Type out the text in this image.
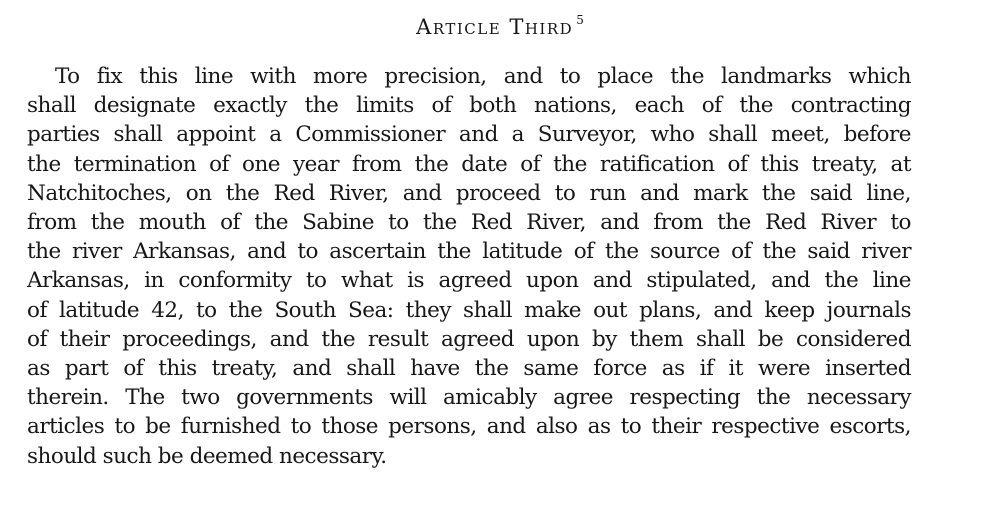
Article Third $^5$

To fix this line with more precision, and to place the landmarks which
shall designate exactly the limits of both nations, each of the contracting
parties shall appoint a Commissioner and a Surveyor, who shall meet, before
the termination of one year from the date of the ratification of this treaty, at
Natchitoches, on the Red River, and proceed to run and mark the said line,
from the mouth of the Sabine to the Red River, and from the Red River to
the river Arkansas, and to ascertain the latitude of the source of the said river
Arkansas, in conformity to what is agreed upon and stipulated, and the line
of latitude 42, to the South Sea: they shall make out plans, and keep journals
of their proceedings, and the result agreed upon by them shall be considered
as part of this treaty, and shall have the same force as if it were inserted
therein. The two governments will amicably agree respecting the necessary
articles to be furnished to those persons, and also as to their respective escorts,
should such be deemed necessary.
